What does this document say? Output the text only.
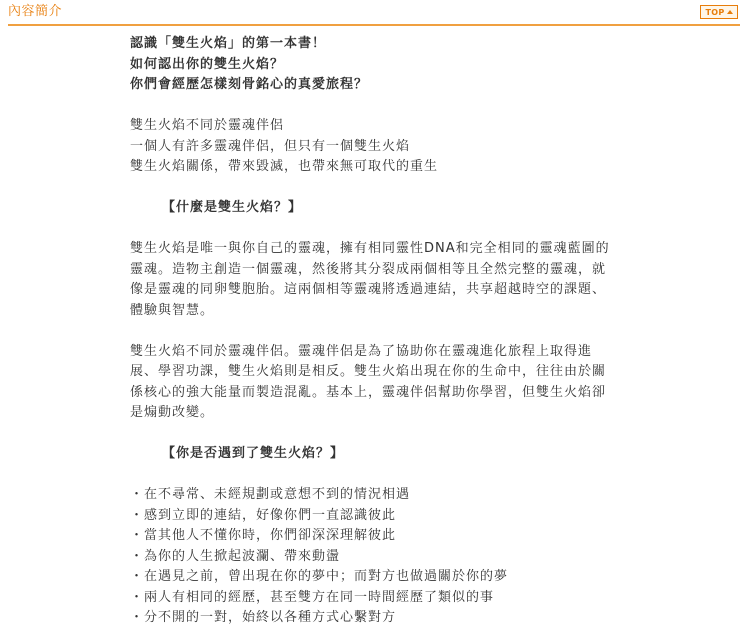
內容簡介	TOP

認識「雙生火焰」的第一本書！

如何認出你的雙生火焰？

你們會經歷怎樣刻骨銘心的真愛旅程？

雙生火焰不同於靈魂伴侶

一個人有許多靈魂伴侶，但只有一個雙生火焰

雙生火焰關係，帶來毀滅，也帶來無可取代的重生

【什麼是雙生火焰？】

雙生火焰是唯一與你自己的靈魂，擁有相同靈性DNA和完全相同的靈魂藍圖的

靈魂。造物主創造一個靈魂，然後將其分裂成兩個相等且全然完整的靈魂，就

像是靈魂的同卵雙胞胎。這兩個相等靈魂將透過連結，共享超越時空的課題、

體驗與智慧。

雙生火焰不同於靈魂伴侶。靈魂伴侶是為了協助你在靈魂進化旅程上取得進

展、學習功課，雙生火焰則是相反。雙生火焰出現在你的生命中，往往由於關

係核心的強大能量而製造混亂。基本上，靈魂伴侶幫助你學習，但雙生火焰卻

是煽動改變。

【你是否遇到了雙生火焰？】

・在不尋常、未經規劃或意想不到的情況相遇
・感到立即的連結，好像你們一直認識彼此
・當其他人不懂你時，你們卻深深理解彼此
・為你的人生掀起波瀾、帶來動盪
・在遇見之前，曾出現在你的夢中；而對方也做過關於你的夢
・兩人有相同的經歷，甚至雙方在同一時間經歷了類似的事
・分不開的一對，始終以各種方式心繫對方
